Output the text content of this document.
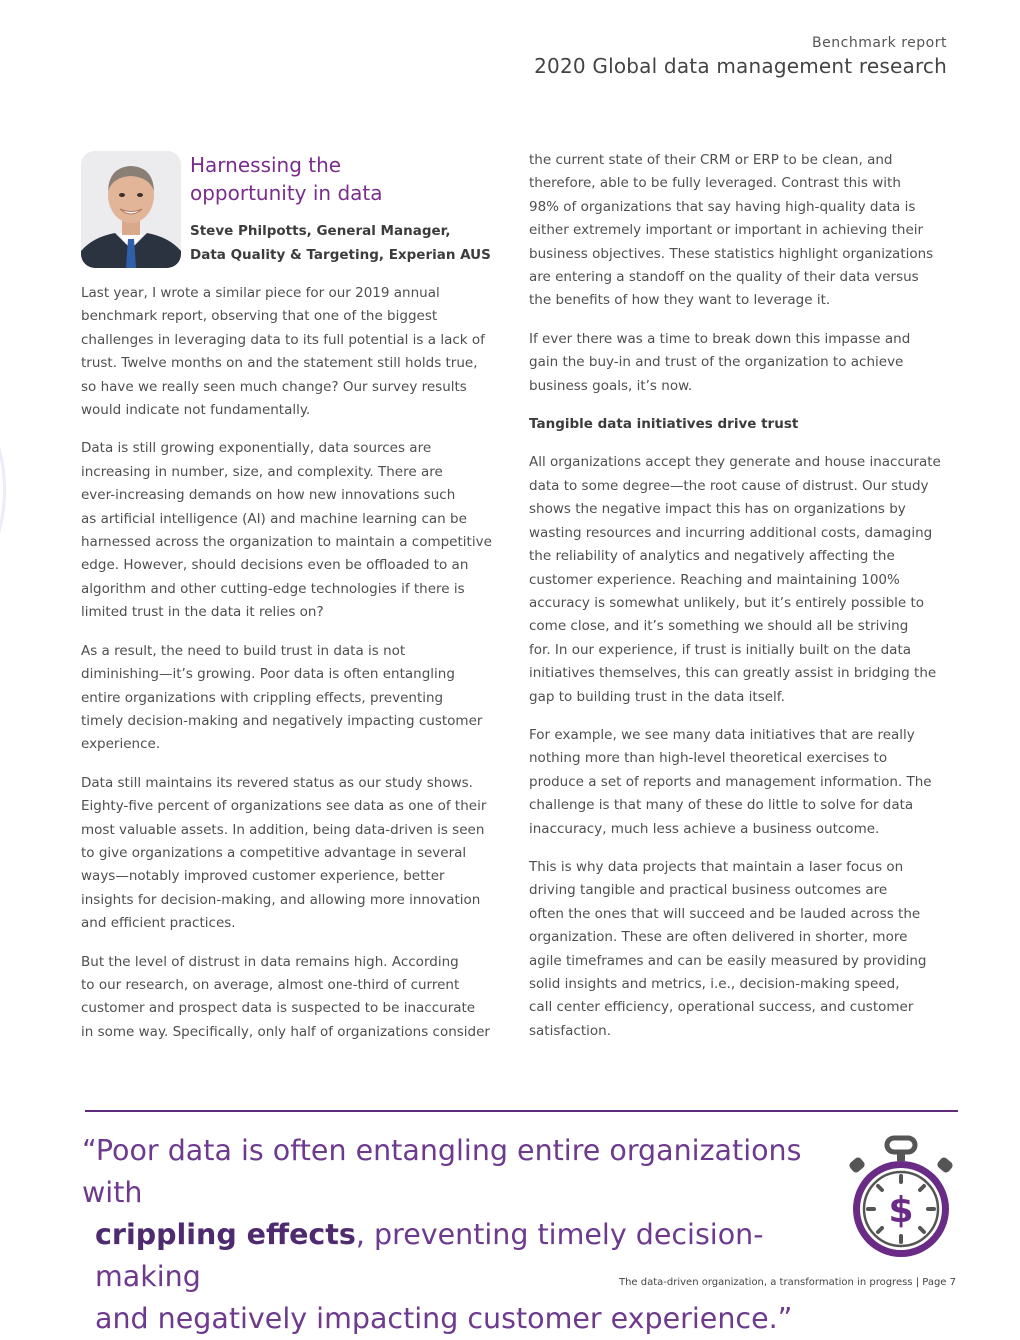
Benchmark report
2020 Global data management research
Harnessing the
opportunity in data
Steve Philpotts, General Manager,
Data Quality & Targeting, Experian AUS

Last year, I wrote a similar piece for our 2019 annual
benchmark report, observing that one of the biggest
challenges in leveraging data to its full potential is a lack of
trust. Twelve months on and the statement still holds true,
so have we really seen much change? Our survey results
would indicate not fundamentally.

Data is still growing exponentially, data sources are
increasing in number, size, and complexity. There are
ever-increasing demands on how new innovations such
as artificial intelligence (AI) and machine learning can be
harnessed across the organization to maintain a competitive
edge. However, should decisions even be offloaded to an
algorithm and other cutting-edge technologies if there is
limited trust in the data it relies on?

As a result, the need to build trust in data is not
diminishing—it’s growing. Poor data is often entangling
entire organizations with crippling effects, preventing
timely decision-making and negatively impacting customer
experience.

Data still maintains its revered status as our study shows.
Eighty-five percent of organizations see data as one of their
most valuable assets. In addition, being data-driven is seen
to give organizations a competitive advantage in several
ways—notably improved customer experience, better
insights for decision-making, and allowing more innovation
and efficient practices.

But the level of distrust in data remains high. According
to our research, on average, almost one-third of current
customer and prospect data is suspected to be inaccurate
in some way. Specifically, only half of organizations consider

the current state of their CRM or ERP to be clean, and
therefore, able to be fully leveraged. Contrast this with
98% of organizations that say having high-quality data is
either extremely important or important in achieving their
business objectives. These statistics highlight organizations
are entering a standoff on the quality of their data versus
the benefits of how they want to leverage it.

If ever there was a time to break down this impasse and
gain the buy-in and trust of the organization to achieve
business goals, it’s now.

Tangible data initiatives drive trust

All organizations accept they generate and house inaccurate
data to some degree—the root cause of distrust. Our study
shows the negative impact this has on organizations by
wasting resources and incurring additional costs, damaging
the reliability of analytics and negatively affecting the
customer experience. Reaching and maintaining 100%
accuracy is somewhat unlikely, but it’s entirely possible to
come close, and it’s something we should all be striving
for. In our experience, if trust is initially built on the data
initiatives themselves, this can greatly assist in bridging the
gap to building trust in the data itself.

For example, we see many data initiatives that are really
nothing more than high-level theoretical exercises to
produce a set of reports and management information. The
challenge is that many of these do little to solve for data
inaccuracy, much less achieve a business outcome.

This is why data projects that maintain a laser focus on
driving tangible and practical business outcomes are
often the ones that will succeed and be lauded across the
organization. These are often delivered in shorter, more
agile timeframes and can be easily measured by providing
solid insights and metrics, i.e., decision-making speed,
call center efficiency, operational success, and customer
satisfaction.

“Poor data is often entangling entire organizations with
crippling effects, preventing timely decision-making
and negatively impacting customer experience.”
$
The data-driven organization, a transformation in progress | Page 7
